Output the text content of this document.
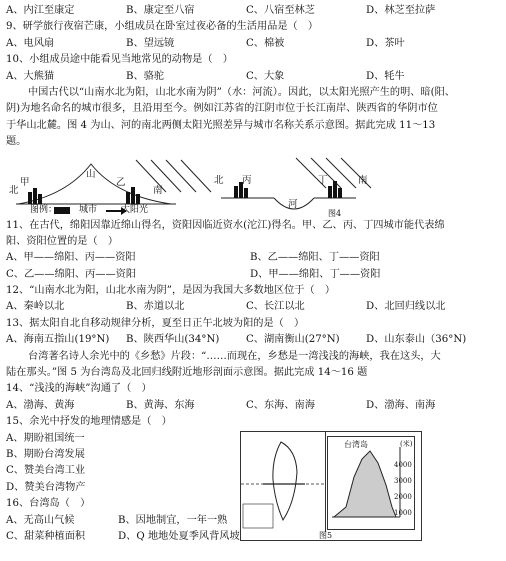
A、内江至康定	B、康定至八宿	C、八宿至林芝	D、林芝至拉萨
9、研学旅行夜宿芒康，小组成员在卧室过夜必备的生活用品是（　）
A、电风扇	B、望远镜	C、棉被	D、茶叶
10、小组成员途中能看见当地常见的动物是（　）
A、大熊猫	B、骆驼	C、大象	D、牦牛
中国古代以“山南水北为阳，山北水南为阴”（水：河流）。因此，以太阳光照产生的明、暗(阳、
阴)为地名命名的城市很多，且沿用至今。例如江苏省的江阴市位于长江南岸、陕西省的华阴市位
于华山北麓。图 4 为山、河的南北两侧太阳光照差异与城市名称关系示意图。据此完成 11～13
题。
北
甲
山
乙
南
北 丙
河
丁	南
图例： 城市	太阳光	图4
11、在古代，绵阳因靠近绵山得名，资阳因临近资水(沱江)得名。甲、乙、丙、丁四城市能代表绵
阳、资阳位置的是（　）
A、甲——绵阳、丙——资阳	B、乙——绵阳、丁——资阳
C、乙——绵阳、丙——资阳	D、甲——绵阳、丁——资阳
12、“山南水北为阳，山北水南为阴”，是因为我国大多数地区位于（　）
A、秦岭以北	B、赤道以北	C、长江以北	D、北回归线以北
13、据太阳自北自移动规律分析，夏至日正午北坡为阳的是（　）
A、海南五指山(19°N)	B、陕西华山(34°N)	C、湖南衡山(27°N)	D、山东泰山（36°N)
台湾著名诗人余光中的《乡愁》片段：“……而现在，乡愁是一湾浅浅的海峡，我在这头，大
陆在那头。”图 5 为台湾岛及北回归线附近地形剖面示意图。据此完成 14～16 题
14、“浅浅的海峡”沟通了（　）
A、渤海、黄海	B、黄海、东海	C、东海、南海	D、渤海、南海
15、余光中抒发的地理情感是（　）
A、期盼祖国统一
B、期盼台湾发展
C、赞美台湾工业
D、赞美台湾物产
16、台湾岛（　）
A、无高山气候	B、因地制宜，一年一熟
C、甜菜种植面积	D、Q 地地处夏季风背风坡
台湾岛	(米)
4000
3000
2000
1000
图5
